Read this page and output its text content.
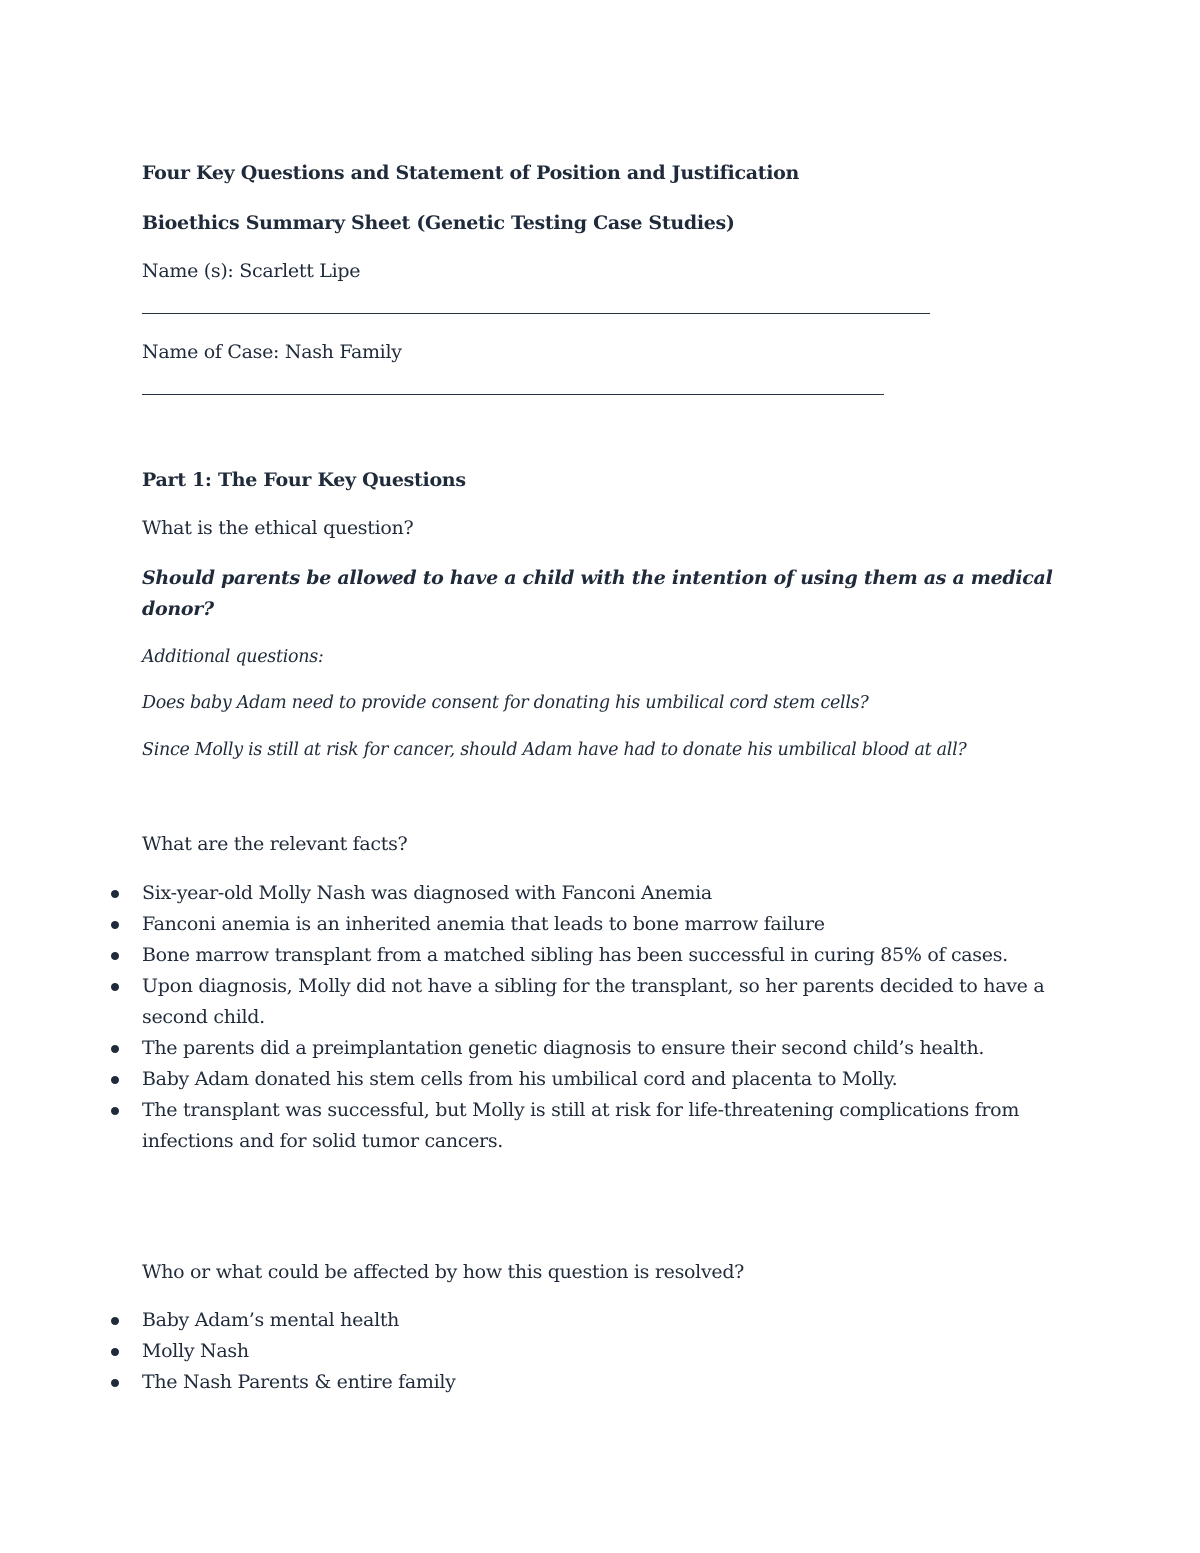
Four Key Questions and Statement of Position and Justification
Bioethics Summary Sheet (Genetic Testing Case Studies)
Name (s): Scarlett Lipe
Name of Case: Nash Family
Part 1: The Four Key Questions
What is the ethical question?
Should parents be allowed to have a child with the intention of using them as a medical
donor?
Additional questions:
Does baby Adam need to provide consent for donating his umbilical cord stem cells?
Since Molly is still at risk for cancer, should Adam have had to donate his umbilical blood at all?
What are the relevant facts?
Six-year-old Molly Nash was diagnosed with Fanconi Anemia
Fanconi anemia is an inherited anemia that leads to bone marrow failure
Bone marrow transplant from a matched sibling has been successful in curing 85% of cases.
Upon diagnosis, Molly did not have a sibling for the transplant, so her parents decided to have a second child.
The parents did a preimplantation genetic diagnosis to ensure their second child’s health.
Baby Adam donated his stem cells from his umbilical cord and placenta to Molly.
The transplant was successful, but Molly is still at risk for life-threatening complications from infections and for solid tumor cancers.
Who or what could be affected by how this question is resolved?
Baby Adam’s mental health
Molly Nash
The Nash Parents & entire family
